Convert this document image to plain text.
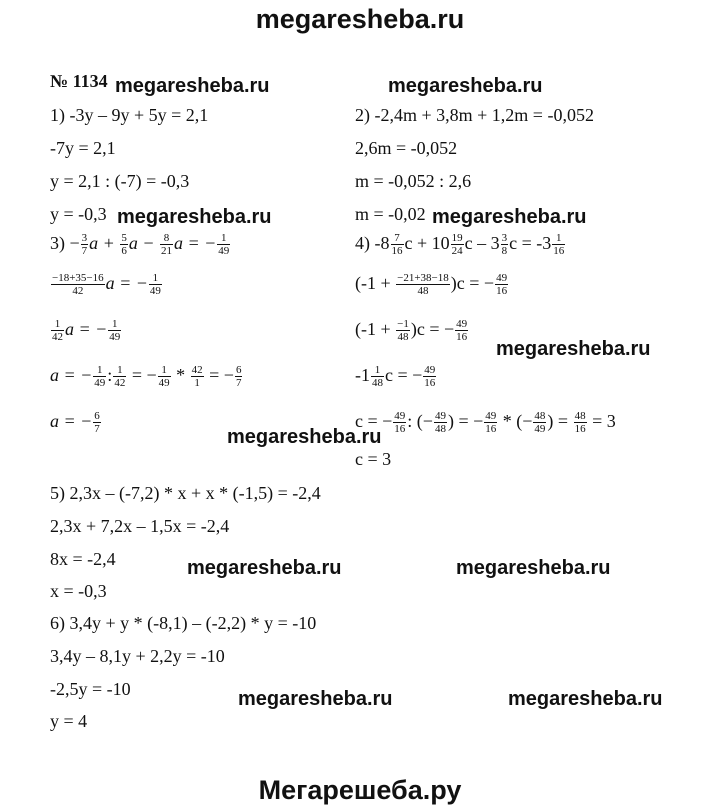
megaresheba.ru
megaresheba.ru	megaresheba.ru
megaresheba.ru	megaresheba.ru
megaresheba.ru
megaresheba.ru
megaresheba.ru	megaresheba.ru
megaresheba.ru	megaresheba.ru
Мегарешеба.ру
№ 1134
1) -3y – 9y + 5y = 2,1
-7y = 2,1
y = 2,1 : (-7) = -0,3
y = -0,3
2) -2,4m + 3,8m + 1,2m = -0,052
2,6m = -0,052
m = -0,052 : 2,6
m = -0,02
$3) - \frac{3}{7}$ $a + \frac{5}{6}$ $a - \frac{8}{21}$ a = − $\frac{1}{49}$
$\frac{-18+35-16}{42}$ a = − $\frac{1}{49}$
$\frac{1}{42}$ a = − $\frac{1}{49}$
a = − $\frac{1}{49}$ : $\frac{1}{42}$ = − $\frac{1}{49} * \frac{42}{1}$ = − $\frac{6}{7}$
a = − $\frac{6}{7}$
4) $-8 \frac{7}{16}$ $c + 10 \frac{19}{24}$ c – $3 \frac{3}{8}$ $c = -3 \frac{1}{16}$
$(-1 + \frac{-21+38-18}{48} )c$ = − $\frac{49}{16}$
$(-1 + \frac{-1}{48} )c$ = − $\frac{49}{16}$
$-1 \frac{1}{48}$ c = − $\frac{49}{16}$
c = − $\frac{49}{16}$ : (− $\frac{49}{48}$ ) = − $\frac{49}{16}$ * (− $\frac{48}{49}$ ) = $\frac{48}{16} = 3$
c = 3
5) 2,3x – (-7,2) * x + x * (-1,5) = -2,4
2,3x + 7,2x – 1,5x = -2,4
8x = -2,4
x = -0,3
6) 3,4y + y * (-8,1) – (-2,2) * y = -10
3,4y – 8,1y + 2,2y = -10
-2,5y = -10
y = 4
